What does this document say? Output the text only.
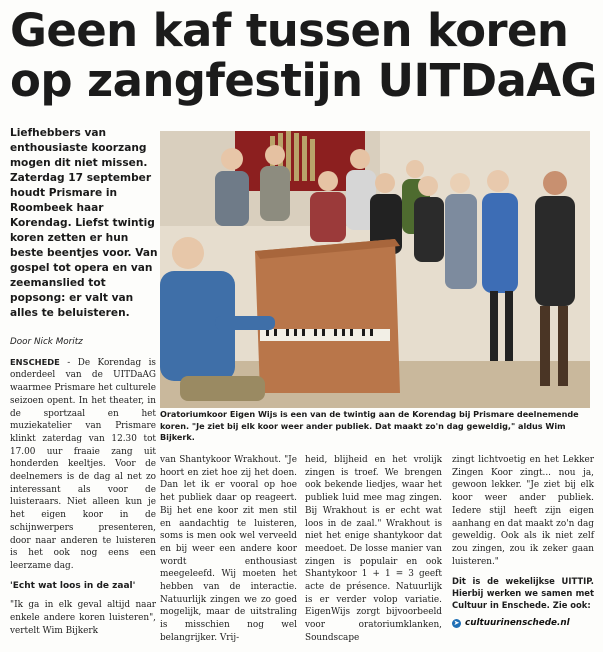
Geen kaf tussen koren
op zangfestijn UITDaAG
Liefhebbers van enthousiaste koorzang mogen dit niet missen. Zaterdag 17 september houdt Prismare in Roombeek haar Korendag. Liefst twintig koren zetten er hun beste beentjes voor. Van gospel tot opera en van zeemanslied tot popsong: er valt van alles te beluisteren.
Oratoriumkoor Eigen Wijs is een van de twintig aan de Korendag bij Prismare deelnemende koren. "Je ziet bij elk koor weer ander publiek. Dat maakt zo'n dag geweldig," aldus Wim Bijkerk.
Door Nick Moritz

ENSCHEDE - De Korendag is onderdeel van de UITDaAG waarmee Prismare het culturele seizoen opent. In het theater, in de sportzaal en het muziekatelier van Prismare klinkt zaterdag van 12.30 tot 17.00 uur fraaie zang uit honderden keeltjes. Voor de deelnemers is de dag al net zo interessant als voor de luisteraars. Niet alleen kun je het eigen koor in de schijnwerpers presenteren, door naar anderen te luisteren is het ook nog eens een leerzame dag.

'Echt wat loos in de zaal'

"Ik ga in elk geval altijd naar enkele andere koren luisteren", vertelt Wim Bijkerk

van Shantykoor Wrakhout. "Je hoort en ziet hoe zij het doen. Dan let ik er vooral op hoe het publiek daar op reageert. Bij het ene koor zit men stil en aandachtig te luisteren, soms is men ook wel verveeld en bij weer een andere koor wordt enthousiast meegeleefd. Wij moeten het hebben van de interactie. Natuurlijk zingen we zo goed mogelijk, maar de uitstraling is misschien nog wel belangrijker. Vrij-

heid, blijheid en het vrolijk zingen is troef. We brengen ook bekende liedjes, waar het publiek luid mee mag zingen. Bij Wrakhout is er echt wat loos in de zaal." Wrakhout is niet het enige shantykoor dat meedoet. De losse manier van zingen is populair en ook Shantykoor 1 + 1 = 3 geeft acte de présence. Natuurlijk is er verder volop variatie. EigenWijs zorgt bijvoorbeeld voor oratoriumklanken, Soundscape

zingt lichtvoetig en het Lekker Zingen Koor zingt... nou ja, gewoon lekker. "Je ziet bij elk koor weer ander publiek. Iedere stijl heeft zijn eigen aanhang en dat maakt zo'n dag geweldig. Ook als ik niet zelf zou zingen, zou ik zeker gaan luisteren."

Dit is de wekelijkse UITTIP. Hierbij werken we samen met Cultuur in Enschede. Zie ook:
➤ cultuurinenschede.nl
